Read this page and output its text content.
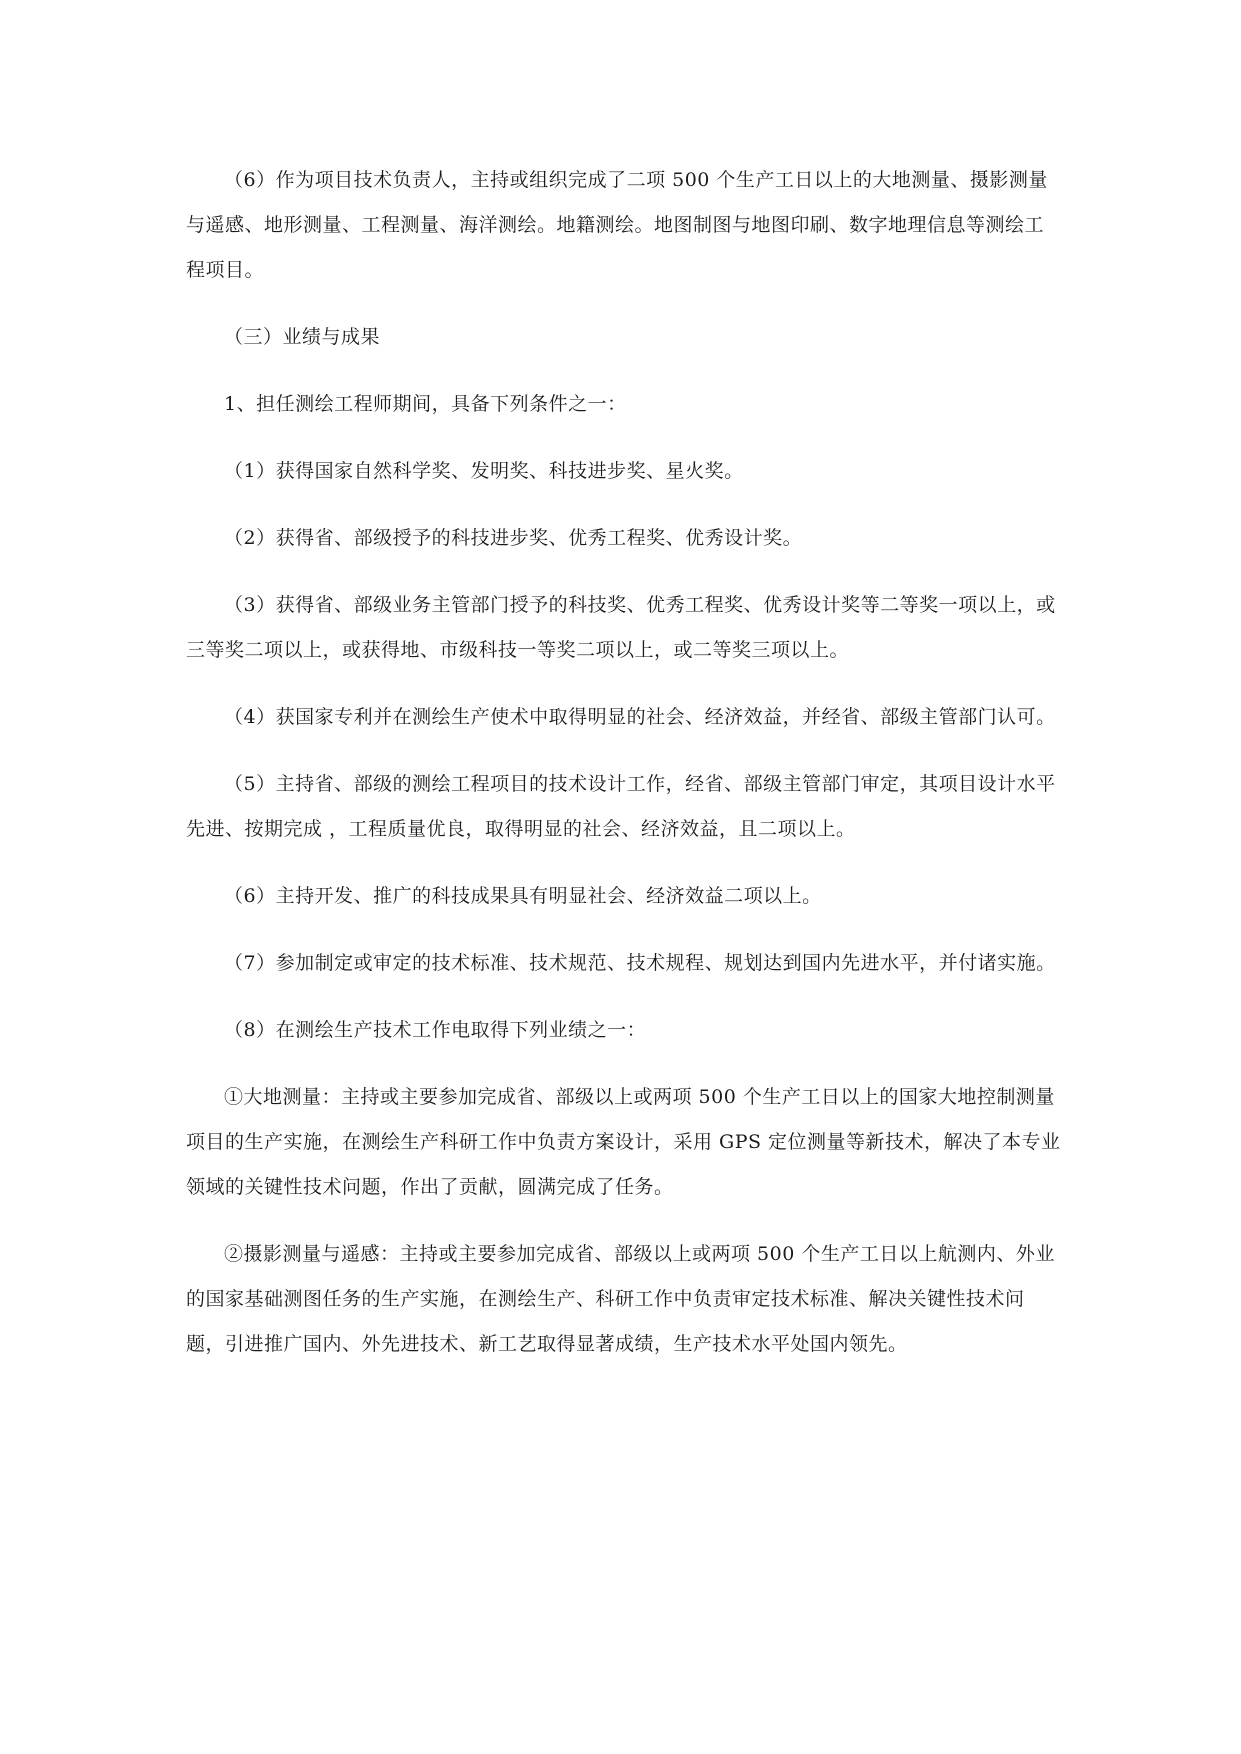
（6）作为项目技术负责人，主持或组织完成了二项 500 个生产工日以上的大地测量、摄影测量与遥感、地形测量、工程测量、海洋测绘。地籍测绘。地图制图与地图印刷、数字地理信息等测绘工程项目。

（三）业绩与成果

1、担任测绘工程师期间，具备下列条件之一：

（1）获得国家自然科学奖、发明奖、科技进步奖、星火奖。

（2）获得省、部级授予的科技进步奖、优秀工程奖、优秀设计奖。

（3）获得省、部级业务主管部门授予的科技奖、优秀工程奖、优秀设计奖等二等奖一项以上，或三等奖二项以上，或获得地、市级科技一等奖二项以上，或二等奖三项以上。

（4）获国家专利并在测绘生产使术中取得明显的社会、经济效益，并经省、部级主管部门认可。

（5）主持省、部级的测绘工程项目的技术设计工作，经省、部级主管部门审定，其项目设计水平先进、按期完成 ，工程质量优良，取得明显的社会、经济效益，且二项以上。

（6）主持开发、推广的科技成果具有明显社会、经济效益二项以上。

（7）参加制定或审定的技术标准、技术规范、技术规程、规划达到国内先进水平，并付诸实施。

（8）在测绘生产技术工作电取得下列业绩之一：

①大地测量：主持或主要参加完成省、部级以上或两项 500 个生产工日以上的国家大地控制测量项目的生产实施，在测绘生产科研工作中负责方案设计，采用 GPS 定位测量等新技术，解决了本专业领域的关键性技术问题，作出了贡献，圆满完成了任务。

②摄影测量与遥感：主持或主要参加完成省、部级以上或两项 500 个生产工日以上航测内、外业的国家基础测图任务的生产实施，在测绘生产、科研工作中负责审定技术标准、解决关键性技术问题，引进推广国内、外先进技术、新工艺取得显著成绩，生产技术水平处国内领先。
